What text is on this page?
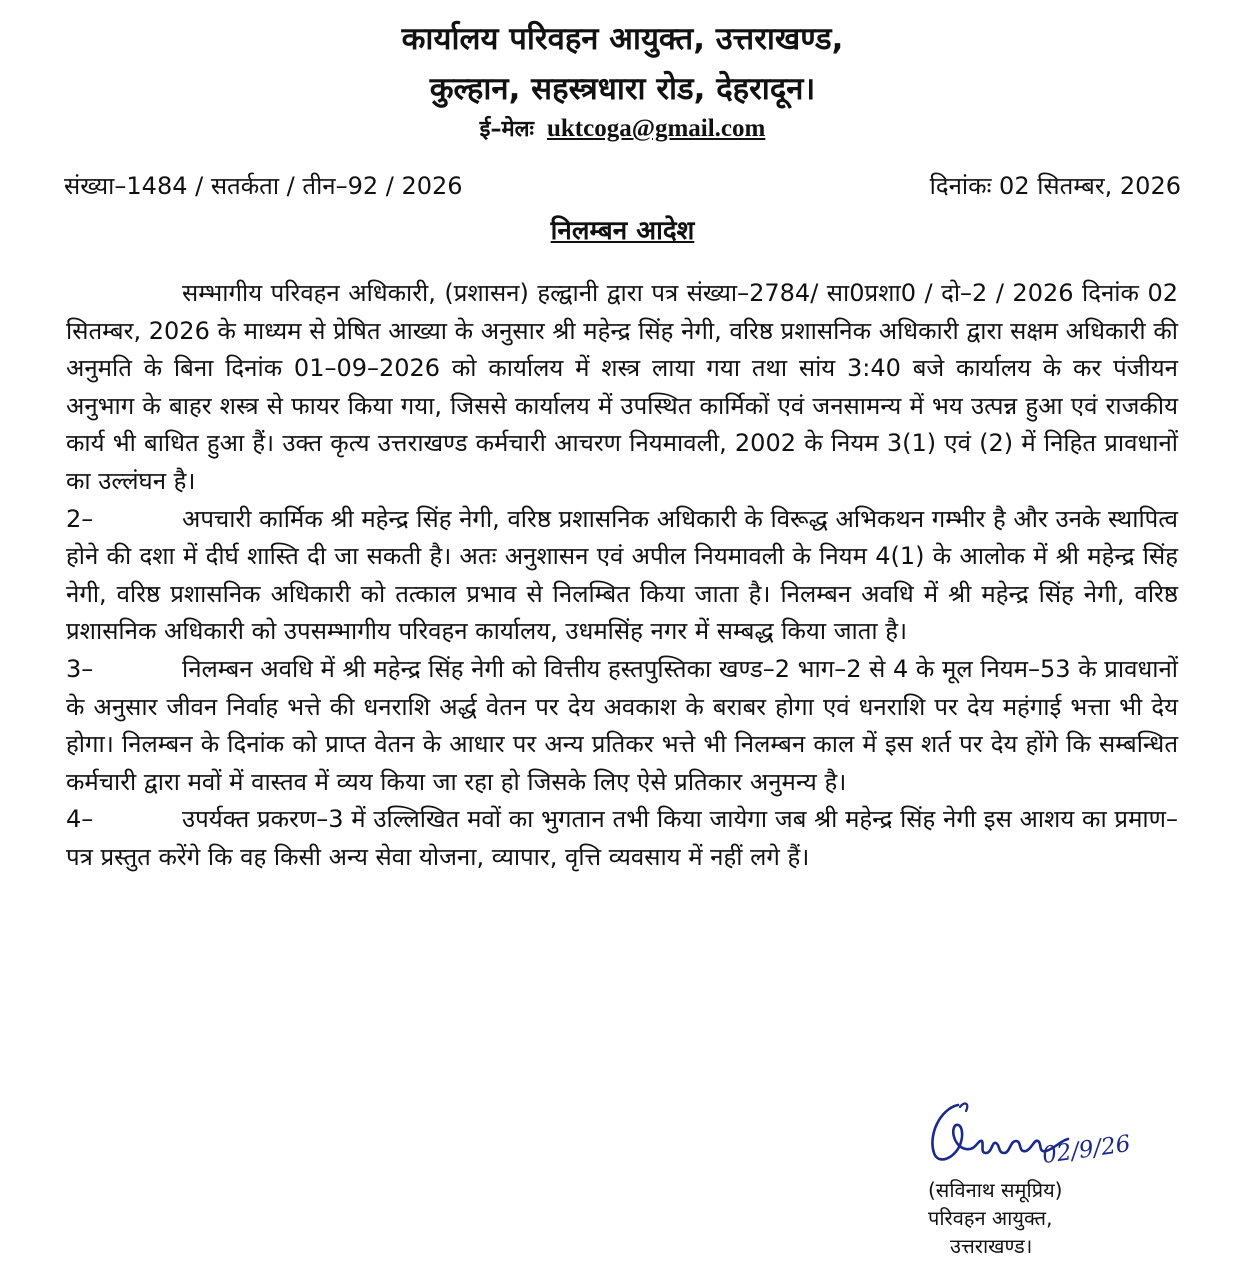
कार्यालय परिवहन आयुक्त, उत्तराखण्ड,
कुल्हान, सहस्त्रधारा रोड, देहरादून।
ई–मेलः uktcoga@gmail.com
संख्या–1484 / सतर्कता / तीन–92 / 2026	दिनांकः 02 सितम्बर, 2026
निलम्बन आदेश

सम्भागीय परिवहन अधिकारी, (प्रशासन) हल्द्वानी द्वारा पत्र संख्या–2784/ सा0प्रशा0 / दो–2 / 2026 दिनांक 02 सितम्बर, 2026 के माध्यम से प्रेषित आख्या के अनुसार श्री महेन्द्र सिंह नेगी, वरिष्ठ प्रशासनिक अधिकारी द्वारा सक्षम अधिकारी की अनुमति के बिना दिनांक 01–09–2026 को कार्यालय में शस्त्र लाया गया तथा सांय 3:40 बजे कार्यालय के कर पंजीयन अनुभाग के बाहर शस्त्र से फायर किया गया, जिससे कार्यालय में उपस्थित कार्मिकों एवं जनसामन्य में भय उत्पन्न हुआ एवं राजकीय कार्य भी बाधित हुआ हैं। उक्त कृत्य उत्तराखण्ड कर्मचारी आचरण नियमावली, 2002 के नियम 3(1) एवं (2) में निहित प्रावधानों का उल्लंघन है।

2–	अपचारी कार्मिक श्री महेन्द्र सिंह नेगी, वरिष्ठ प्रशासनिक अधिकारी के विरूद्ध अभिकथन गम्भीर है और उनके स्थापित्व होने की दशा में दीर्घ शास्ति दी जा सकती है। अतः अनुशासन एवं अपील नियमावली के नियम 4(1) के आलोक में श्री महेन्द्र सिंह नेगी, वरिष्ठ प्रशासनिक अधिकारी को तत्काल प्रभाव से निलम्बित किया जाता है। निलम्बन अवधि में श्री महेन्द्र सिंह नेगी, वरिष्ठ प्रशासनिक अधिकारी को उपसम्भागीय परिवहन कार्यालय, उधमसिंह नगर में सम्बद्ध किया जाता है।

3–	निलम्बन अवधि में श्री महेन्द्र सिंह नेगी को वित्तीय हस्तपुस्तिका खण्ड–2 भाग–2 से 4 के मूल नियम–53 के प्रावधानों के अनुसार जीवन निर्वाह भत्ते की धनराशि अर्द्ध वेतन पर देय अवकाश के बराबर होगा एवं धनराशि पर देय महंगाई भत्ता भी देय होगा। निलम्बन के दिनांक को प्राप्त वेतन के आधार पर अन्य प्रतिकर भत्ते भी निलम्बन काल में इस शर्त पर देय होंगे कि सम्बन्धित कर्मचारी द्वारा मवों में वास्तव में व्यय किया जा रहा हो जिसके लिए ऐसे प्रतिकार अनुमन्य है।

4–	उपर्यक्त प्रकरण–3 में उल्लिखित मवों का भुगतान तभी किया जायेगा जब श्री महेन्द्र सिंह नेगी इस आशय का प्रमाण–पत्र प्रस्तुत करेंगे कि वह किसी अन्य सेवा योजना, व्यापार, वृत्ति व्यवसाय में नहीं लगे हैं।

02/9/26
(सविनाथ समूप्रिय)
परिवहन आयुक्त,
उत्तराखण्ड।
